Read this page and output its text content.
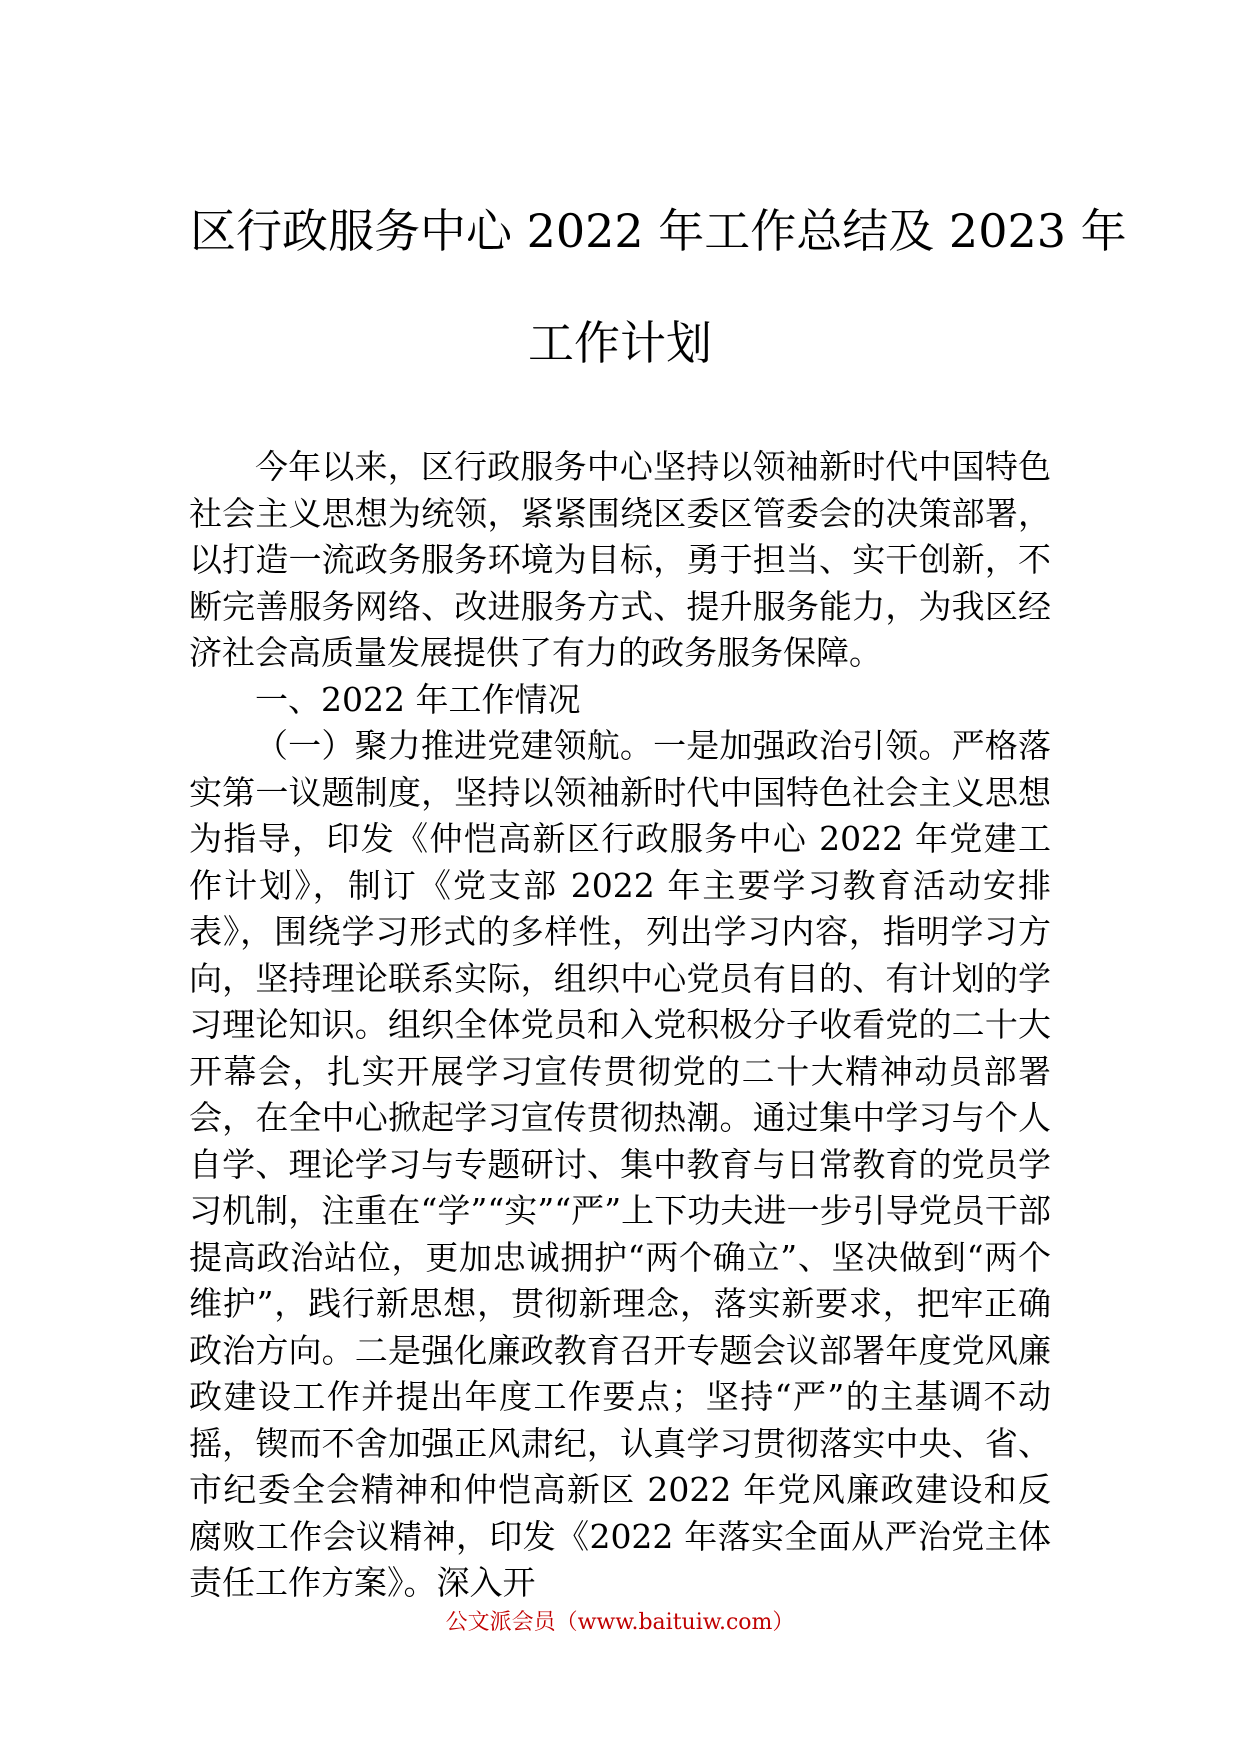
区行政服务中心 2022 年工作总结及 2023 年
工作计划

今年以来，区行政服务中心坚持以领袖新时代中国特色社会主义思想为统领，紧紧围绕区委区管委会的决策部署，以打造一流政务服务环境为目标，勇于担当、实干创新，不断完善服务网络、改进服务方式、提升服务能力，为我区经济社会高质量发展提供了有力的政务服务保障。

一、2022 年工作情况

（一）聚力推进党建领航。一是加强政治引领。严格落实第一议题制度，坚持以领袖新时代中国特色社会主义思想为指导，印发《仲恺高新区行政服务中心 2022 年党建工作计划》，制订《党支部 2022 年主要学习教育活动安排表》，围绕学习形式的多样性，列出学习内容，指明学习方向，坚持理论联系实际，组织中心党员有目的、有计划的学习理论知识。组织全体党员和入党积极分子收看党的二十大开幕会，扎实开展学习宣传贯彻党的二十大精神动员部署会，在全中心掀起学习宣传贯彻热潮。通过集中学习与个人自学、理论学习与专题研讨、集中教育与日常教育的党员学习机制，注重在“学”“实”“严”上下功夫进一步引导党员干部提高政治站位，更加忠诚拥护“两个确立”、坚决做到“两个维护”，践行新思想，贯彻新理念，落实新要求，把牢正确政治方向。二是强化廉政教育召开专题会议部署年度党风廉政建设工作并提出年度工作要点；坚持“严”的主基调不动摇，锲而不舍加强正风肃纪，认真学习贯彻落实中央、省、市纪委全会精神和仲恺高新区 2022 年党风廉政建设和反腐败工作会议精神，印发《2022 年落实全面从严治党主体责任工作方案》。深入开

公文派会员（www.baituiw.com）
